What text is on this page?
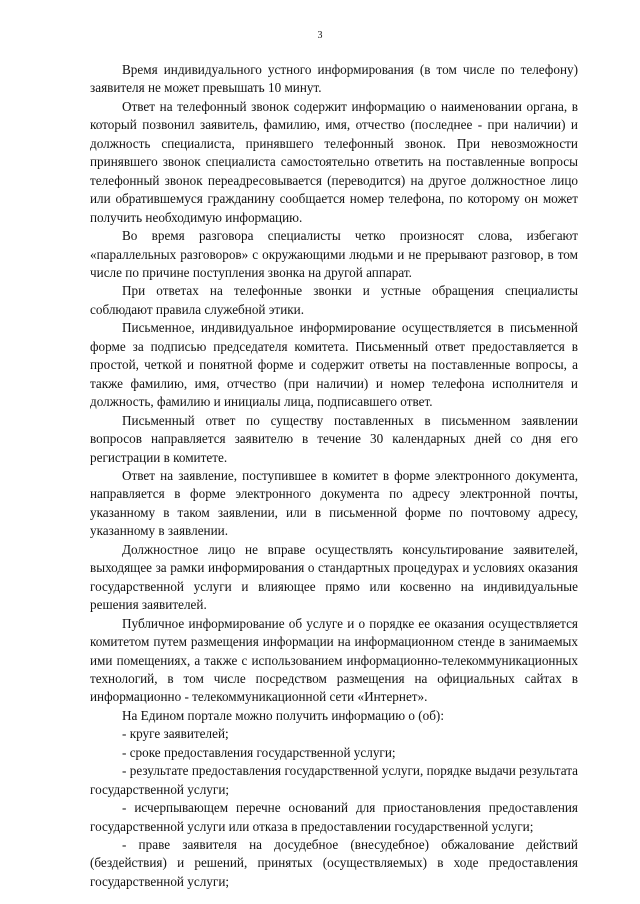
3

Время индивидуального устного информирования (в том числе по телефону) заявителя не может превышать 10 минут.

Ответ на телефонный звонок содержит информацию о наименовании органа, в который позвонил заявитель, фамилию, имя, отчество (последнее - при наличии) и должность специалиста, принявшего телефонный звонок. При невозможности принявшего звонок специалиста самостоятельно ответить на поставленные вопросы телефонный звонок переадресовывается (переводится) на другое должностное лицо или обратившемуся гражданину сообщается номер телефона, по которому он может получить необходимую информацию.

Во время разговора специалисты четко произносят слова, избегают «параллельных разговоров» с окружающими людьми и не прерывают разговор, в том числе по причине поступления звонка на другой аппарат.

При ответах на телефонные звонки и устные обращения специалисты соблюдают правила служебной этики.

Письменное, индивидуальное информирование осуществляется в письменной форме за подписью председателя комитета. Письменный ответ предоставляется в простой, четкой и понятной форме и содержит ответы на поставленные вопросы, а также фамилию, имя, отчество (при наличии) и номер телефона исполнителя и должность, фамилию и инициалы лица, подписавшего ответ.

Письменный ответ по существу поставленных в письменном заявлении вопросов направляется заявителю в течение 30 календарных дней со дня его регистрации в комитете.

Ответ на заявление, поступившее в комитет в форме электронного документа, направляется в форме электронного документа по адресу электронной почты, указанному в таком заявлении, или в письменной форме по почтовому адресу, указанному в заявлении.

Должностное лицо не вправе осуществлять консультирование заявителей, выходящее за рамки информирования о стандартных процедурах и условиях оказания государственной услуги и влияющее прямо или косвенно на индивидуальные решения заявителей.

Публичное информирование об услуге и о порядке ее оказания осуществляется комитетом путем размещения информации на информационном стенде в занимаемых ими помещениях, а также с использованием информационно-телекоммуникационных технологий, в том числе посредством размещения на официальных сайтах в информационно - телекоммуникационной сети «Интернет».

На Едином портале можно получить информацию о (об):

- круге заявителей;

- сроке предоставления государственной услуги;

- результате предоставления государственной услуги, порядке выдачи результата государственной услуги;

- исчерпывающем перечне оснований для приостановления предоставления государственной услуги или отказа в предоставлении государственной услуги;

- праве заявителя на досудебное (внесудебное) обжалование действий (бездействия) и решений, принятых (осуществляемых) в ходе предоставления государственной услуги;
